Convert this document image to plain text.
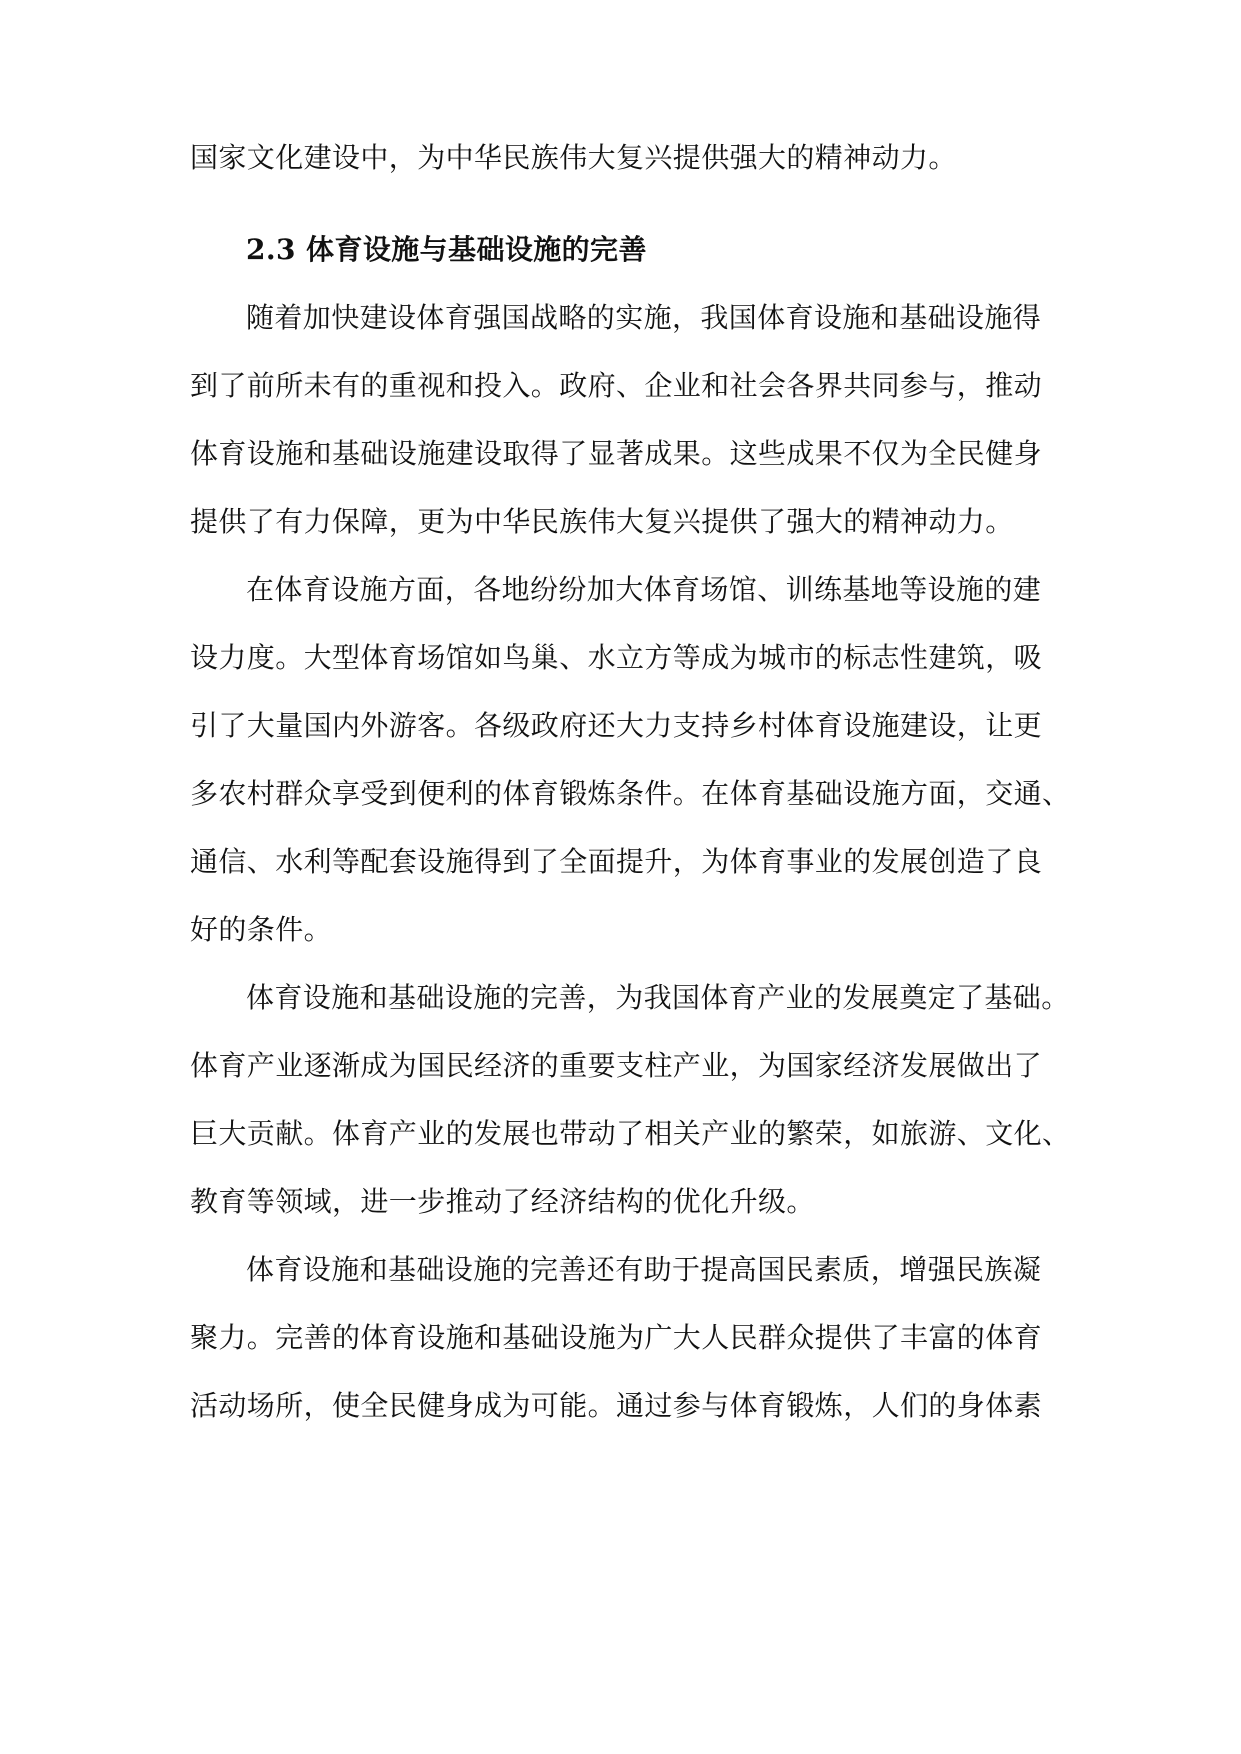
国家文化建设中，为中华民族伟大复兴提供强大的精神动力。

2.3 体育设施与基础设施的完善

随着加快建设体育强国战略的实施，我国体育设施和基础设施得

到了前所未有的重视和投入。政府、企业和社会各界共同参与，推动

体育设施和基础设施建设取得了显著成果。这些成果不仅为全民健身

提供了有力保障，更为中华民族伟大复兴提供了强大的精神动力。

在体育设施方面，各地纷纷加大体育场馆、训练基地等设施的建

设力度。大型体育场馆如鸟巢、水立方等成为城市的标志性建筑，吸

引了大量国内外游客。各级政府还大力支持乡村体育设施建设，让更

多农村群众享受到便利的体育锻炼条件。在体育基础设施方面，交通、

通信、水利等配套设施得到了全面提升，为体育事业的发展创造了良

好的条件。

体育设施和基础设施的完善，为我国体育产业的发展奠定了基础。

体育产业逐渐成为国民经济的重要支柱产业，为国家经济发展做出了

巨大贡献。体育产业的发展也带动了相关产业的繁荣，如旅游、文化、

教育等领域，进一步推动了经济结构的优化升级。

体育设施和基础设施的完善还有助于提高国民素质，增强民族凝

聚力。完善的体育设施和基础设施为广大人民群众提供了丰富的体育

活动场所，使全民健身成为可能。通过参与体育锻炼，人们的身体素
